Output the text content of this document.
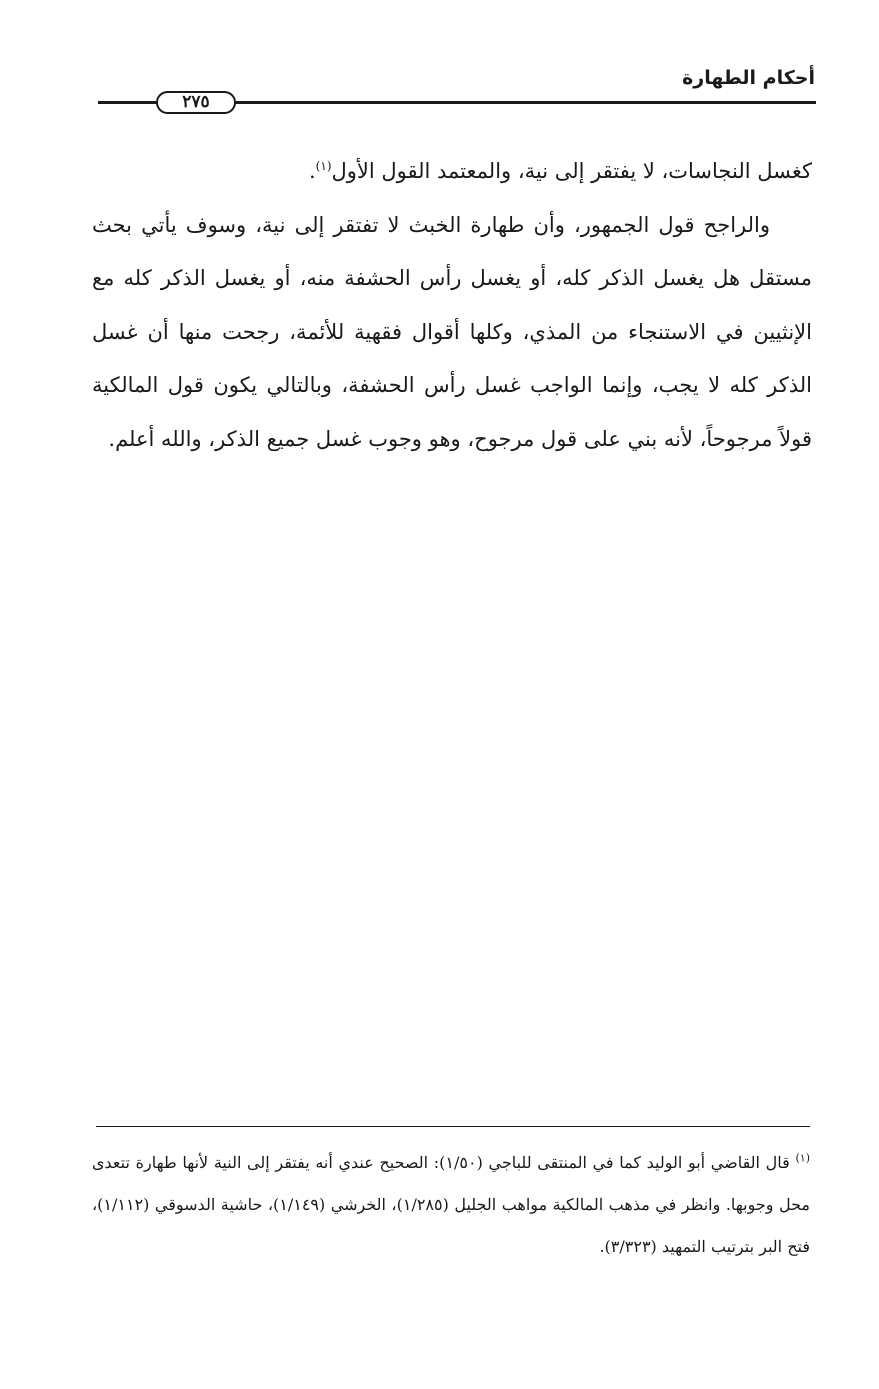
أحكام الطهارة
٢٧٥

كغسل النجاسات، لا يفتقر إلى نية، والمعتمد القول الأول$^{(١)}$.

والراجح قول الجمهور، وأن طهارة الخبث لا تفتقر إلى نية، وسوف يأتي بحث مستقل هل يغسل الذكر كله، أو يغسل رأس الحشفة منه، أو يغسل الذكر كله مع الإنثيين في الاستنجاء من المذي، وكلها أقوال فقهية للأئمة، رجحت منها أن غسل الذكر كله لا يجب، وإنما الواجب غسل رأس الحشفة، وبالتالي يكون قول المالكية قولاً مرجوحاً، لأنه بني على قول مرجوح، وهو وجوب غسل جميع الذكر، والله أعلم.

$^{(١)}$ قال القاضي أبو الوليد كما في المنتقى للباجي (١/٥٠): الصحيح عندي أنه يفتقر إلى النية لأنها طهارة تتعدى محل وجوبها. وانظر في مذهب المالكية مواهب الجليل (١/٢٨٥)، الخرشي (١/١٤٩)، حاشية الدسوقي (١/١١٢)، فتح البر بترتيب التمهيد (٣/٣٢٣).
